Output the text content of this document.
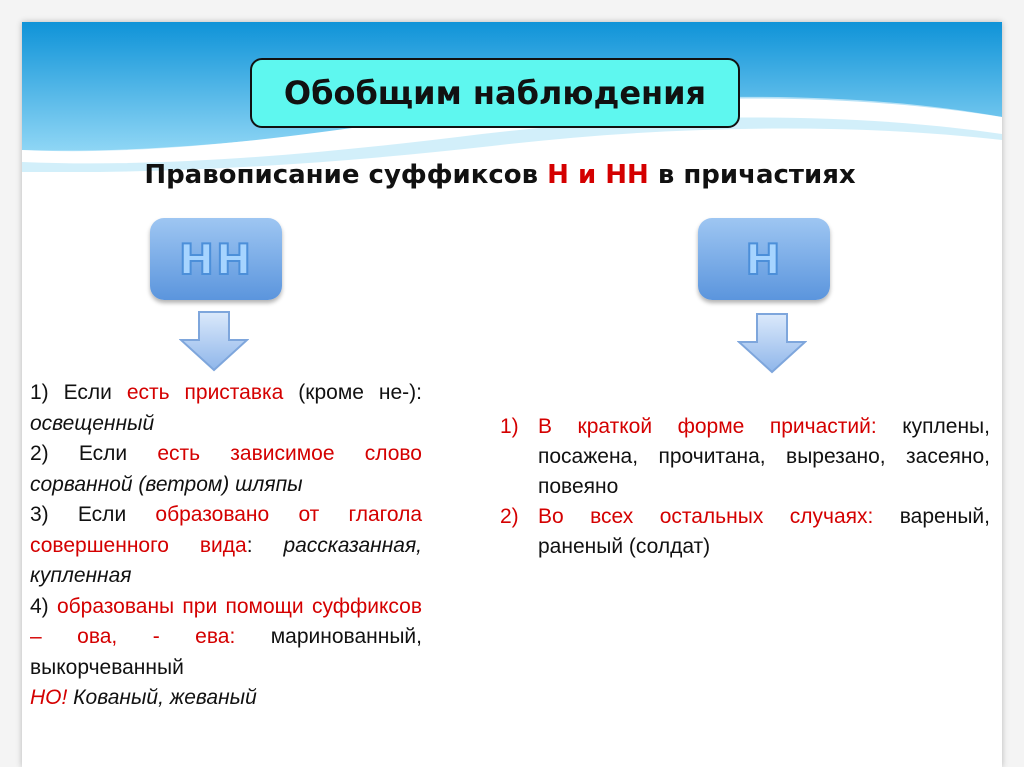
Обобщим наблюдения
Правописание суффиксов Н и НН в причастиях
НН	Н

1) Если есть приставка (кроме не-): освещенный

2) Если есть зависимое слово сорванной (ветром) шляпы

3) Если образовано от глагола совершенного вида: рассказанная, купленная

4) образованы при помощи суффиксов – ова, - ева: маринованный, выкорчеванный

НО! Кованый, жеваный

1) В краткой форме причастий: куплены, посажена, прочитана, вырезано, засеяно, повеяно
2) Во всех остальных случаях: вареный, раненый (солдат)
